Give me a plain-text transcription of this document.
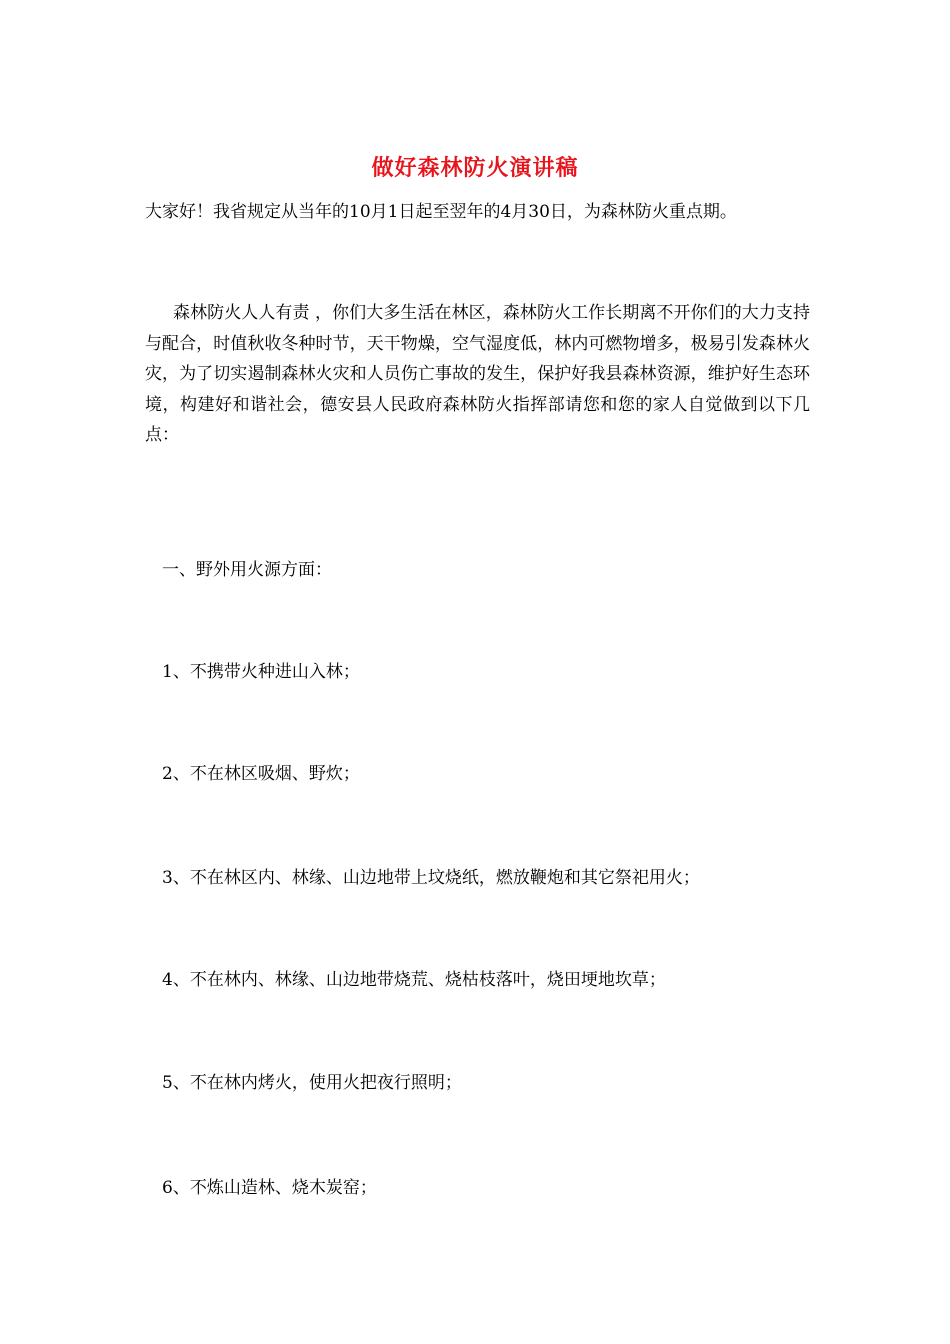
做好森林防火演讲稿
大家好！我省规定从当年的10月1日起至翌年的4月30日，为森林防火重点期。
森林防火人人有责 ，你们大多生活在林区，森林防火工作长期离不开你们的大力支持与配合，时值秋收冬种时节，天干物燥，空气湿度低，林内可燃物增多，极易引发森林火灾，为了切实遏制森林火灾和人员伤亡事故的发生，保护好我县森林资源，维护好生态环境，构建好和谐社会，德安县人民政府森林防火指挥部请您和您的家人自觉做到以下几点：
一、野外用火源方面：
1、不携带火种进山入林；
2、不在林区吸烟、野炊；
3、不在林区内、林缘、山边地带上坟烧纸，燃放鞭炮和其它祭祀用火；
4、不在林内、林缘、山边地带烧荒、烧枯枝落叶，烧田埂地坎草；
5、不在林内烤火，使用火把夜行照明；
6、不炼山造林、烧木炭窑；
